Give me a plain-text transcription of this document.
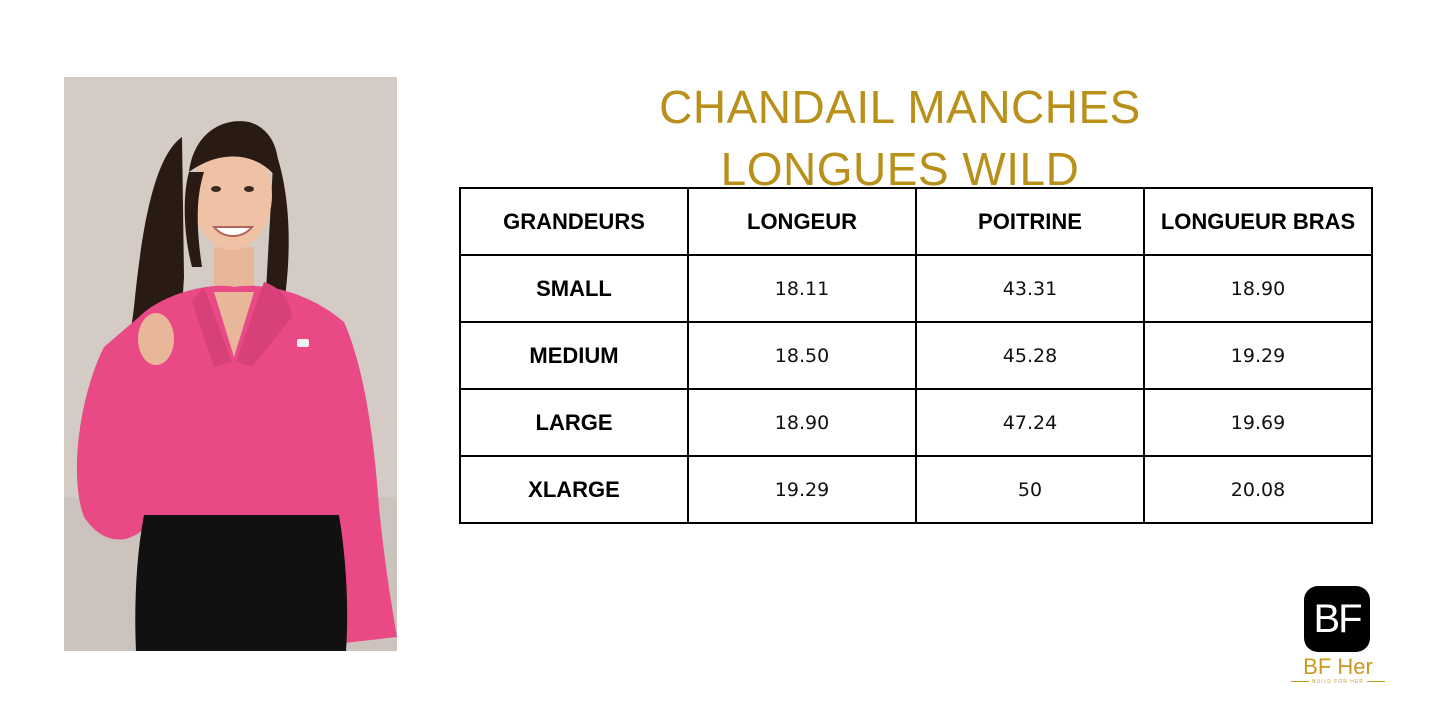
CHANDAIL MANCHES
LONGUES WILD
GRANDEURS	LONGEUR	POITRINE	LONGUEUR BRAS
SMALL	18.11	43.31	18.90
MEDIUM	18.50	45.28	19.29
LARGE	18.90	47.24	19.69
XLARGE	19.29	50	20.08
BF
BF Her
BUILD FOR HER
